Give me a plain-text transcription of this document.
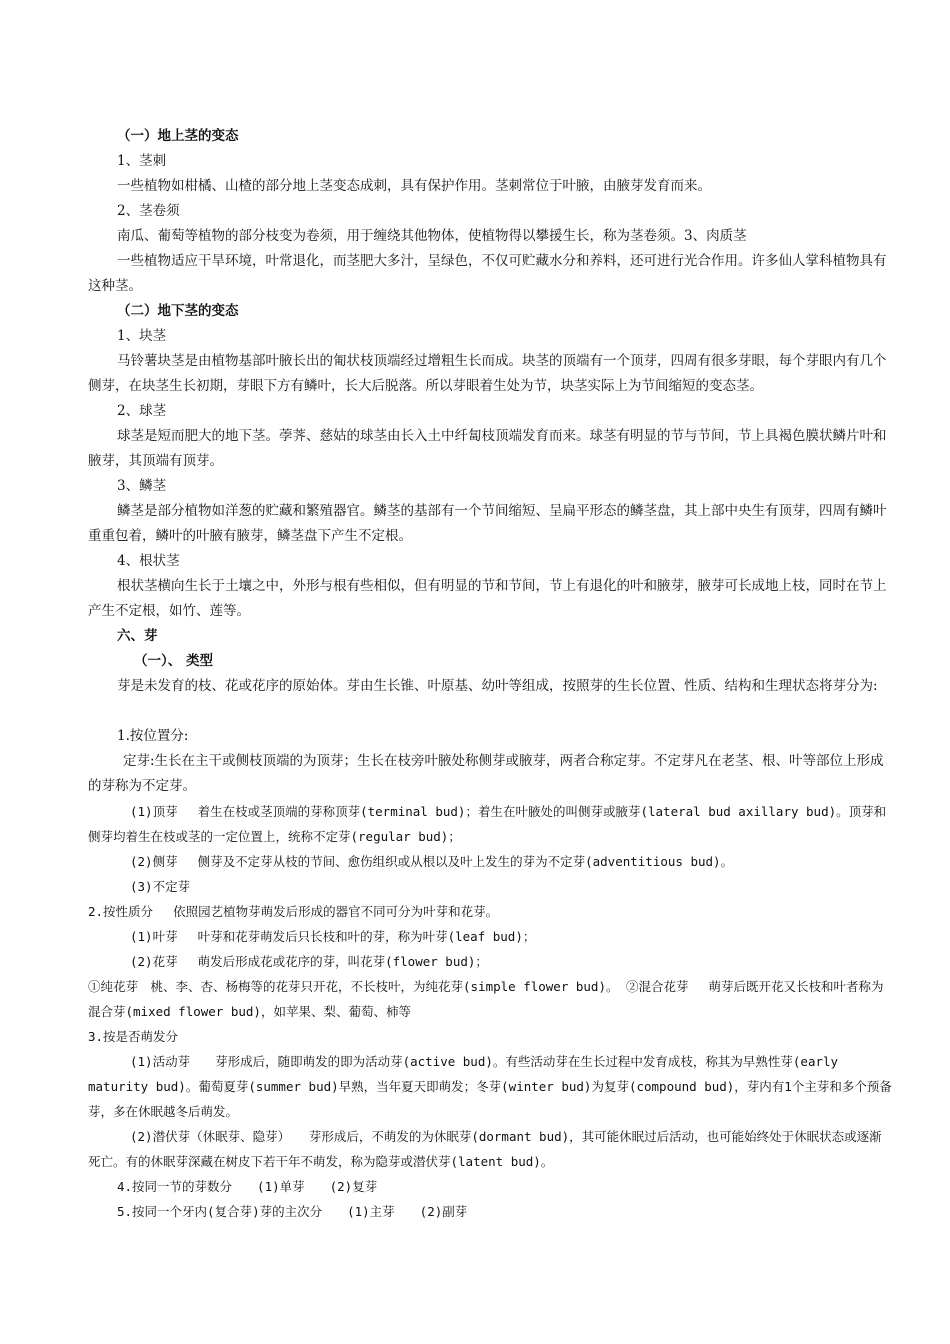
（一）地上茎的变态
1、茎刺
一些植物如柑橘、山楂的部分地上茎变态成刺，具有保护作用。茎刺常位于叶腋，由腋芽发育而来。
2、茎卷须
南瓜、葡萄等植物的部分枝变为卷须，用于缠绕其他物体，使植物得以攀援生长，称为茎卷须。3、肉质茎
一些植物适应干旱环境，叶常退化，而茎肥大多汁，呈绿色，不仅可贮藏水分和养料，还可进行光合作用。许多仙人掌科植物具有这种茎。
（二）地下茎的变态
1、块茎
马铃薯块茎是由植物基部叶腋长出的匍状枝顶端经过增粗生长而成。块茎的顶端有一个顶芽，四周有很多芽眼，每个芽眼内有几个侧芽，在块茎生长初期，芽眼下方有鳞叶，长大后脱落。所以芽眼着生处为节，块茎实际上为节间缩短的变态茎。
2、球茎
球茎是短而肥大的地下茎。荸荠、慈姑的球茎由长入土中纤匐枝顶端发育而来。球茎有明显的节与节间，节上具褐色膜状鳞片叶和腋芽，其顶端有顶芽。
3、鳞茎
鳞茎是部分植物如洋葱的贮藏和繁殖器官。鳞茎的基部有一个节间缩短、呈扁平形态的鳞茎盘，其上部中央生有顶芽，四周有鳞叶重重包着，鳞叶的叶腋有腋芽，鳞茎盘下产生不定根。
4、根状茎
根状茎横向生长于土壤之中，外形与根有些相似，但有明显的节和节间，节上有退化的叶和腋芽，腋芽可长成地上枝，同时在节上产生不定根，如竹、莲等。
六、芽
（一）、 类型
芽是未发育的枝、花或花序的原始体。芽由生长锥、叶原基、幼叶等组成，按照芽的生长位置、性质、结构和生理状态将芽分为:
1.按位置分:
定芽:生长在主干或侧枝顶端的为顶芽；生长在枝旁叶腋处称侧芽或腋芽，两者合称定芽。不定芽凡在老茎、根、叶等部位上形成的芽称为不定芽。
(1)顶芽　 着生在枝或茎顶端的芽称顶芽(terminal bud)；着生在叶腋处的叫侧芽或腋芽(lateral bud axillary bud)。顶芽和侧芽均着生在枝或茎的一定位置上，统称不定芽(regular bud)；
(2)侧芽　 侧芽及不定芽从枝的节间、愈伤组织或从根以及叶上发生的芽为不定芽(adventitious bud)。
(3)不定芽
2.按性质分　 依照园艺植物芽萌发后形成的器官不同可分为叶芽和花芽。
(1)叶芽　 叶芽和花芽萌发后只长枝和叶的芽，称为叶芽(leaf bud)；
(2)花芽　 萌发后形成花或花序的芽，叫花芽(flower bud)；
①纯花芽　桃、李、杏、杨梅等的花芽只开花，不长枝叶，为纯花芽(simple flower bud)。 ②混合花芽　 萌芽后既开花又长枝和叶者称为混合芽(mixed flower bud)，如苹果、梨、葡萄、柿等
3.按是否萌发分
(1)活动芽　　芽形成后，随即萌发的即为活动芽(active bud)。有些活动芽在生长过程中发育成枝，称其为早熟性芽(early maturity bud)。葡萄夏芽(summer bud)早熟，当年夏天即萌发；冬芽(winter bud)为复芽(compound bud)，芽内有1个主芽和多个预备芽，多在休眠越冬后萌发。
(2)潜伏芽（休眠芽、隐芽）　　芽形成后，不萌发的为休眠芽(dormant bud)，其可能休眠过后活动，也可能始终处于休眠状态或逐渐死亡。有的休眠芽深藏在树皮下若干年不萌发，称为隐芽或潜伏芽(latent bud)。
4.按同一节的芽数分　　(1)单芽　　(2)复芽
5.按同一个牙内(复合芽)芽的主次分　　(1)主芽　　(2)副芽
